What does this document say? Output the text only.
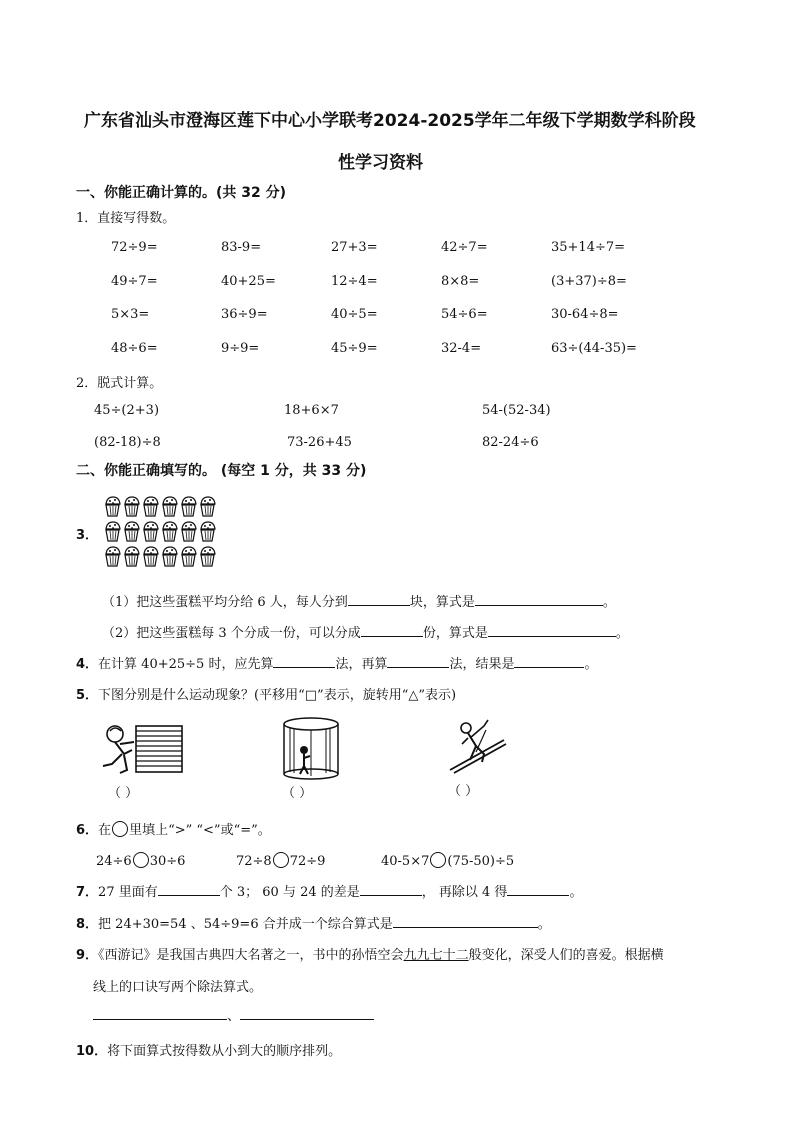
广东省汕头市澄海区莲下中心小学联考2024-2025学年二年级下学期数学科阶段
性学习资料
一、你能正确计算的。(共 32 分)
1．直接写得数。
72÷9=	83-9=	27+3=	42÷7=	35+14÷7=
49÷7=	40+25=	12÷4=	8×8=	(3+37)÷8=
5×3=	36÷9=	40÷5=	54÷6=	30-64÷8=
48÷6=	9÷9=	45÷9=	32-4=	63÷(44-35)=
2．脱式计算。
45÷(2+3)	18+6×7	54-(52-34)
(82-18)÷8	73-26+45	82-24÷6
二、你能正确填写的。 (每空 1 分，共 33 分)
3．
（1）把这些蛋糕平均分给 6 人，每人分到	块，算式是	。
（2）把这些蛋糕每 3 个分成一份，可以分成	份，算式是	。
4．在计算 40+25÷5 时，应先算	法，再算	法，结果是	。
5．下图分别是什么运动现象？(平移用“□”表示，旋转用“△”表示)
（ ）	（ ）	（ ）
6．在 里填上“>” “<”或“=”。
24÷6 30÷6	72÷8 72÷9	40-5×7 (75-50)÷5
7．27 里面有	个 3； 60 与 24 的差是	， 再除以 4 得	。
8．把 24+30=54 、54÷9=6 合并成一个综合算式是	。
9．《西游记》是我国古典四大名著之一，书中的孙悟空会九九七十二般变化，深受人们的喜爱。根据横
线上的口诀写两个除法算式。
、
10．将下面算式按得数从小到大的顺序排列。
